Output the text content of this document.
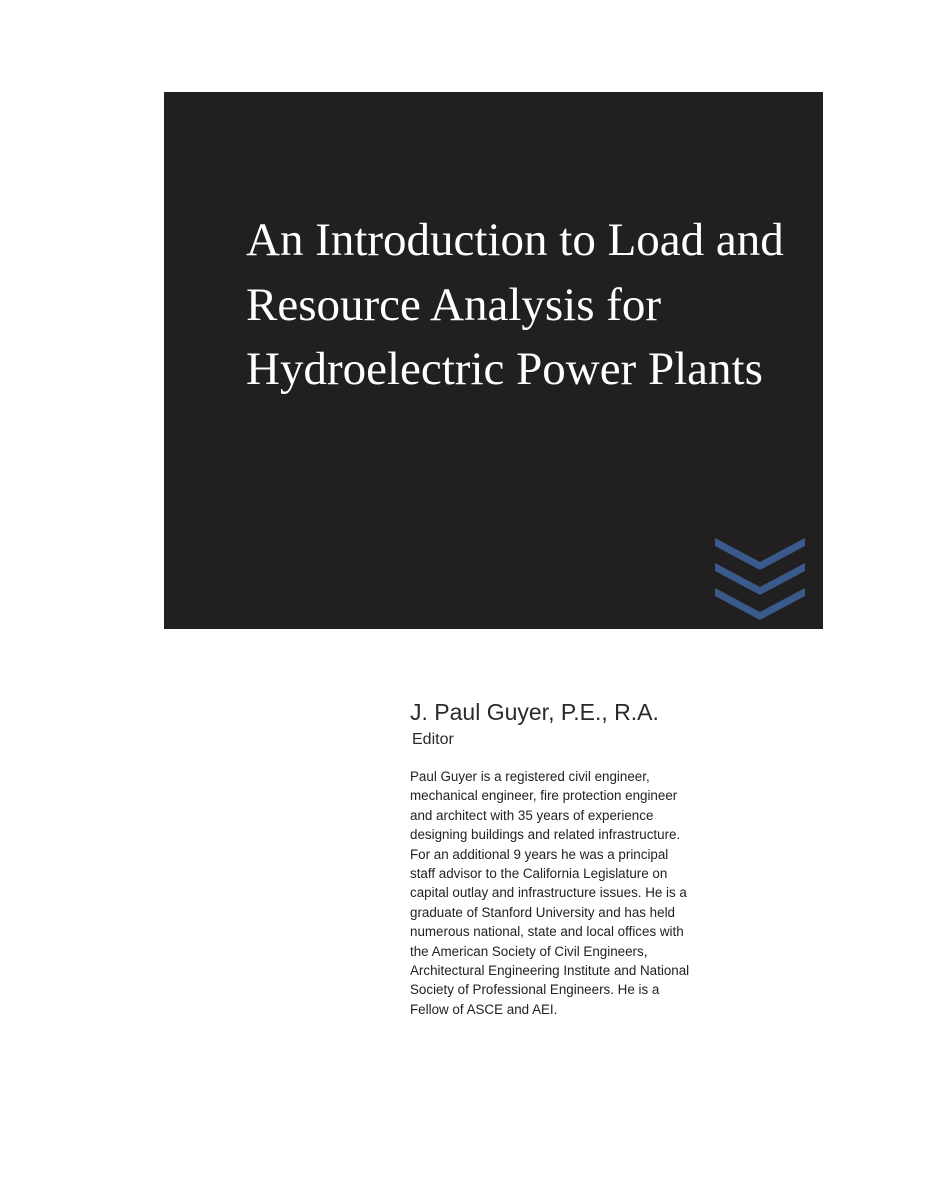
An Introduction to Load and Resource Analysis for Hydroelectric Power Plants

J. Paul Guyer, P.E., R.A.

Editor

Paul Guyer is a registered civil engineer,
mechanical engineer, fire protection engineer
and architect with 35 years of experience
designing buildings and related infrastructure.
For an additional 9 years he was a principal
staff advisor to the California Legislature on
capital outlay and infrastructure issues. He is a
graduate of Stanford University and has held
numerous national, state and local offices with
the American Society of Civil Engineers,
Architectural Engineering Institute and National
Society of Professional Engineers. He is a
Fellow of ASCE and AEI.
